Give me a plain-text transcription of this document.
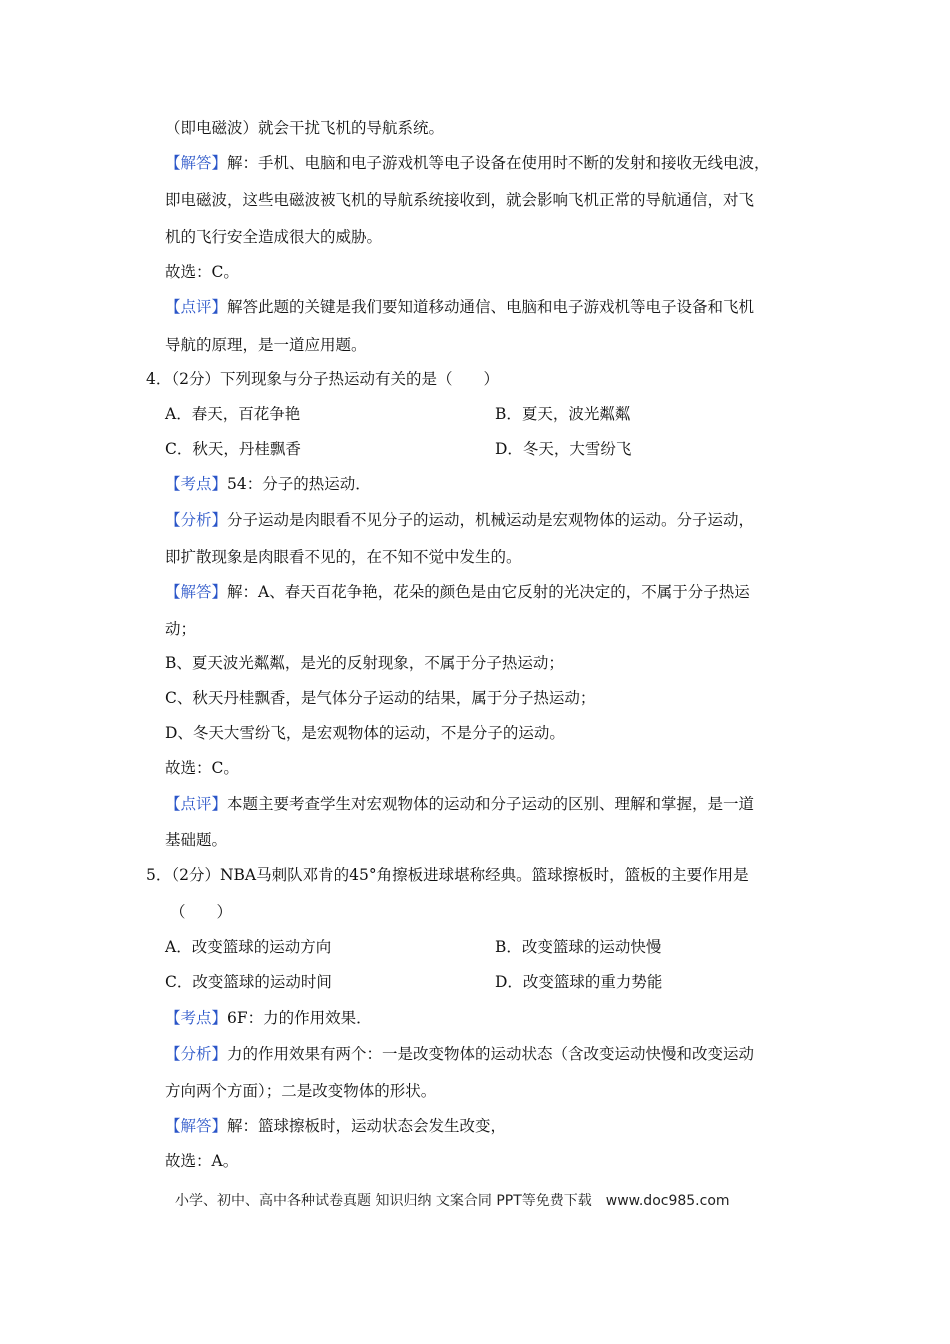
（即电磁波）就会干扰飞机的导航系统。
【解答】解：手机、电脑和电子游戏机等电子设备在使用时不断的发射和接收无线电波，
即电磁波，这些电磁波被飞机的导航系统接收到，就会影响飞机正常的导航通信，对飞
机的飞行安全造成很大的威胁。
故选：C。
【点评】解答此题的关键是我们要知道移动通信、电脑和电子游戏机等电子设备和飞机
导航的原理，是一道应用题。
4．（2分）下列现象与分子热运动有关的是（　　）
A．春天，百花争艳	B．夏天，波光粼粼
C．秋天，丹桂飘香	D．冬天，大雪纷飞
【考点】54：分子的热运动．
【分析】分子运动是肉眼看不见分子的运动，机械运动是宏观物体的运动。分子运动，
即扩散现象是肉眼看不见的，在不知不觉中发生的。
【解答】解：A、春天百花争艳，花朵的颜色是由它反射的光决定的，不属于分子热运
动；
B、夏天波光粼粼，是光的反射现象，不属于分子热运动；
C、秋天丹桂飘香，是气体分子运动的结果，属于分子热运动；
D、冬天大雪纷飞，是宏观物体的运动，不是分子的运动。
故选：C。
【点评】本题主要考查学生对宏观物体的运动和分子运动的区别、理解和掌握，是一道
基础题。
5．（2分）NBA马刺队邓肯的45°角擦板进球堪称经典。篮球擦板时，篮板的主要作用是
（　　）
A．改变篮球的运动方向	B．改变篮球的运动快慢
C．改变篮球的运动时间	D．改变篮球的重力势能
【考点】6F：力的作用效果．
【分析】力的作用效果有两个：一是改变物体的运动状态（含改变运动快慢和改变运动
方向两个方面）；二是改变物体的形状。
【解答】解：篮球擦板时，运动状态会发生改变，
故选：A。
小学、初中、高中各种试卷真题 知识归纳 文案合同 PPT等免费下载　www.doc985.com
